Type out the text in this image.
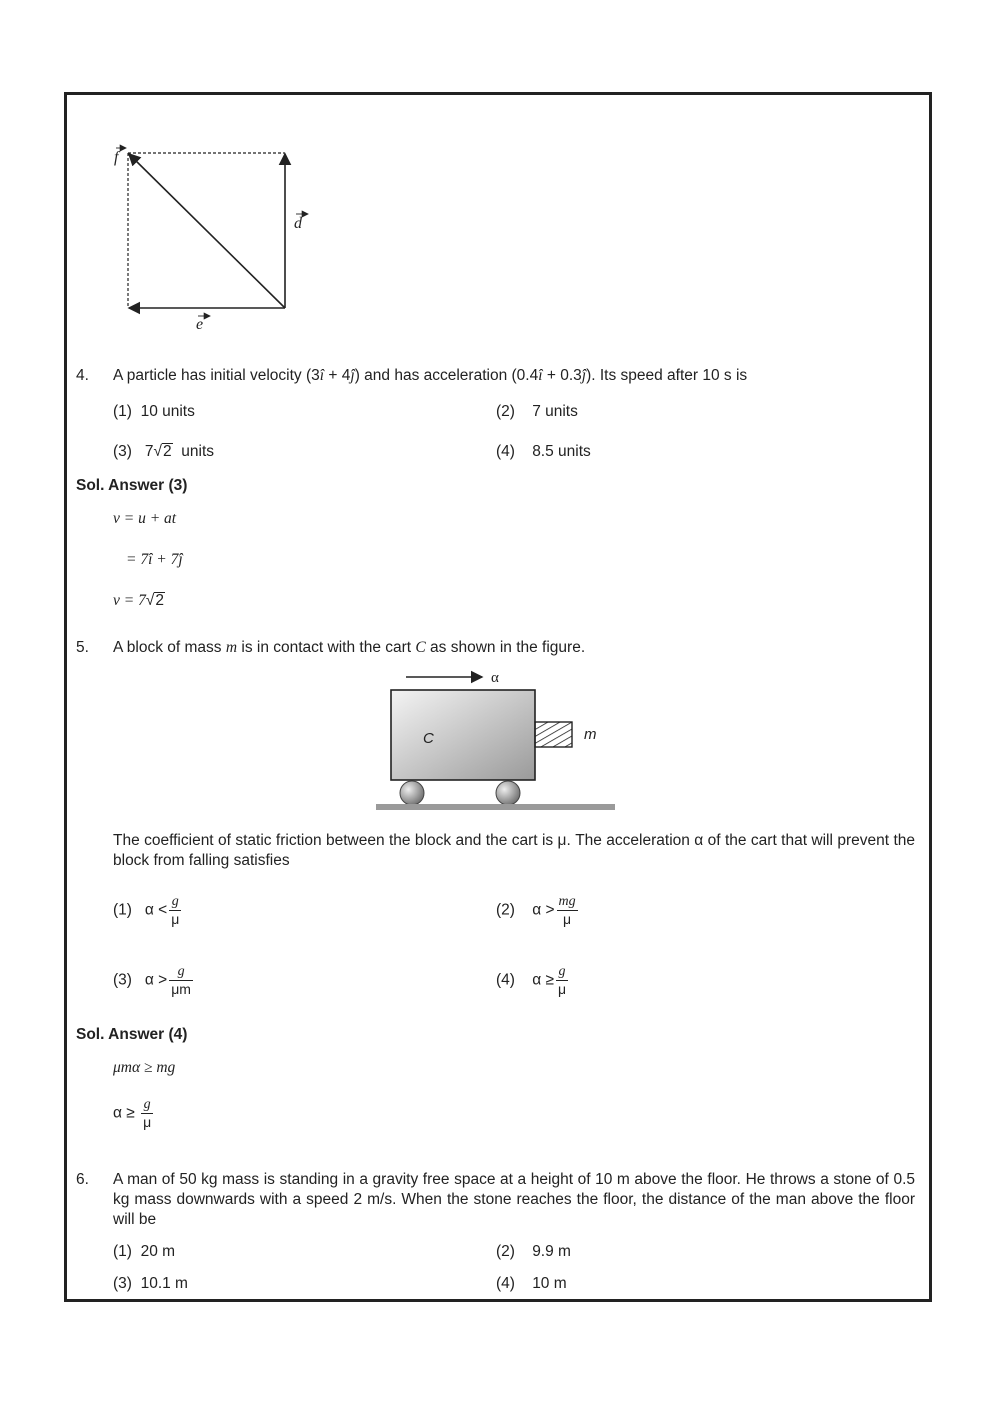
f
d
e
4. A particle has initial velocity (3î + 4ĵ) and has acceleration (0.4î + 0.3ĵ). Its speed after 10 s is
(1) 10 units	(2) 7 units
(3) 7√2 units	(4) 8.5 units
Sol. Answer (3)
v = u + at
= 7î + 7ĵ
v = 7√2
5. A block of mass m is in contact with the cart C as shown in the figure.
α
C	m
The coefficient of static friction between the block and the cart is μ. The acceleration α of the cart that will prevent the block from falling satisfies
(1) $\alpha < \frac{g}{\mu}$	(2) $\alpha > \frac{mg}{\mu}$
(3) $\alpha > \frac{g}{\mu m}$	(4) $\alpha \ge \frac{g}{\mu}$
Sol. Answer (4)
μmα ≥ mg
$\alpha \ge \frac{g}{\mu}$
6. A man of 50 kg mass is standing in a gravity free space at a height of 10 m above the floor. He throws a stone of 0.5 kg mass downwards with a speed 2 m/s. When the stone reaches the floor, the distance of the man above the floor will be
(1) 20 m	(2) 9.9 m
(3) 10.1 m	(4) 10 m
